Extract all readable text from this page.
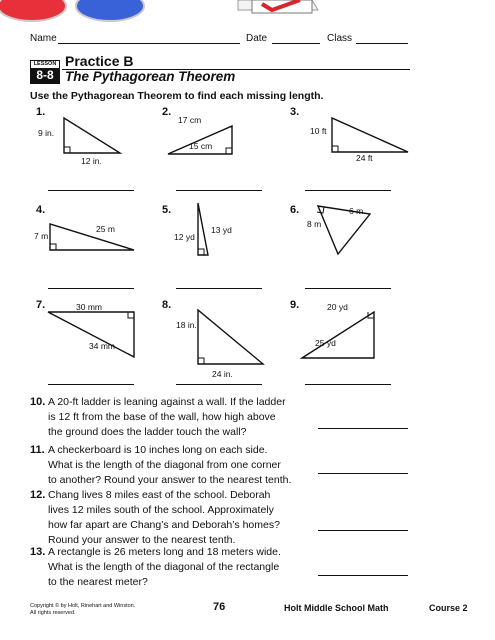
Name	Date	Class
LESSON
8-8
Practice B
The Pythagorean Theorem
Use the Pythagorean Theorem to find each missing length.
1.
9 in.
12 in.
2.
17 cm
15 cm
3.
10 ft
24 ft
4.
7 m
25 m
5.
12 yd
13 yd
6.
8 m
6 m
7.	30 mm
34 mm
8.
18 in.
24 in.
9.	20 yd
25 yd
10. A 20-ft ladder is leaning against a wall. If the ladder
is 12 ft from the base of the wall, how high above
the ground does the ladder touch the wall?
11. A checkerboard is 10 inches long on each side.
What is the length of the diagonal from one corner
to another? Round your answer to the nearest tenth.
12. Chang lives 8 miles east of the school. Deborah
lives 12 miles south of the school. Approximately
how far apart are Chang’s and Deborah’s homes?
Round your answer to the nearest tenth.
13. A rectangle is 26 meters long and 18 meters wide.
What is the length of the diagonal of the rectangle
to the nearest meter?
Copyright © by Holt, Rinehart and Winston.
All rights reserved.	76	Holt Middle School Math	Course 2
